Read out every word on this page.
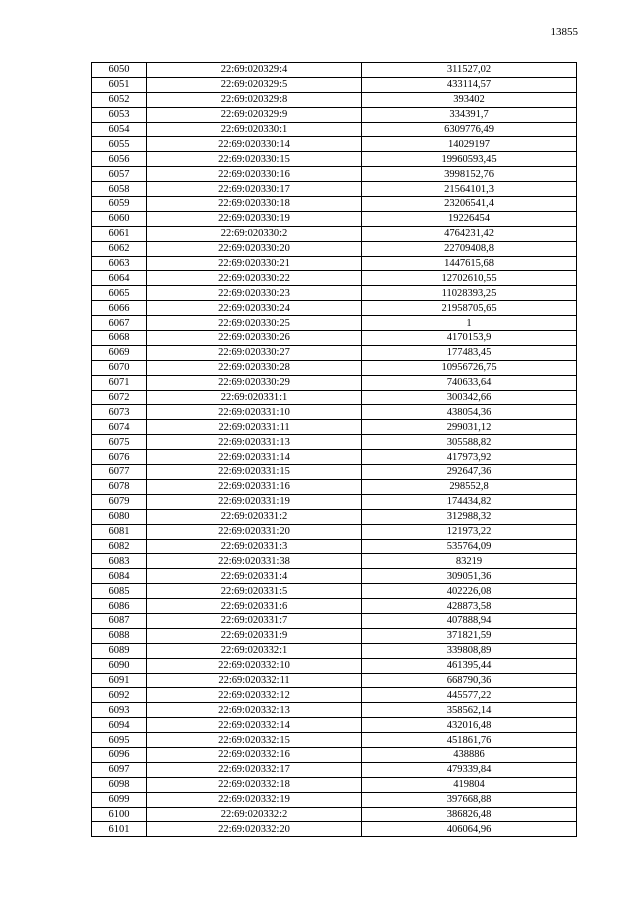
13855
6050	22:69:020329:4	311527,02
6051	22:69:020329:5	433114,57
6052	22:69:020329:8	393402
6053	22:69:020329:9	334391,7
6054	22:69:020330:1	6309776,49
6055	22:69:020330:14	14029197
6056	22:69:020330:15	19960593,45
6057	22:69:020330:16	3998152,76
6058	22:69:020330:17	21564101,3
6059	22:69:020330:18	23206541,4
6060	22:69:020330:19	19226454
6061	22:69:020330:2	4764231,42
6062	22:69:020330:20	22709408,8
6063	22:69:020330:21	1447615,68
6064	22:69:020330:22	12702610,55
6065	22:69:020330:23	11028393,25
6066	22:69:020330:24	21958705,65
6067	22:69:020330:25	1
6068	22:69:020330:26	4170153,9
6069	22:69:020330:27	177483,45
6070	22:69:020330:28	10956726,75
6071	22:69:020330:29	740633,64
6072	22:69:020331:1	300342,66
6073	22:69:020331:10	438054,36
6074	22:69:020331:11	299031,12
6075	22:69:020331:13	305588,82
6076	22:69:020331:14	417973,92
6077	22:69:020331:15	292647,36
6078	22:69:020331:16	298552,8
6079	22:69:020331:19	174434,82
6080	22:69:020331:2	312988,32
6081	22:69:020331:20	121973,22
6082	22:69:020331:3	535764,09
6083	22:69:020331:38	83219
6084	22:69:020331:4	309051,36
6085	22:69:020331:5	402226,08
6086	22:69:020331:6	428873,58
6087	22:69:020331:7	407888,94
6088	22:69:020331:9	371821,59
6089	22:69:020332:1	339808,89
6090	22:69:020332:10	461395,44
6091	22:69:020332:11	668790,36
6092	22:69:020332:12	445577,22
6093	22:69:020332:13	358562,14
6094	22:69:020332:14	432016,48
6095	22:69:020332:15	451861,76
6096	22:69:020332:16	438886
6097	22:69:020332:17	479339,84
6098	22:69:020332:18	419804
6099	22:69:020332:19	397668,88
6100	22:69:020332:2	386826,48
6101	22:69:020332:20	406064,96
